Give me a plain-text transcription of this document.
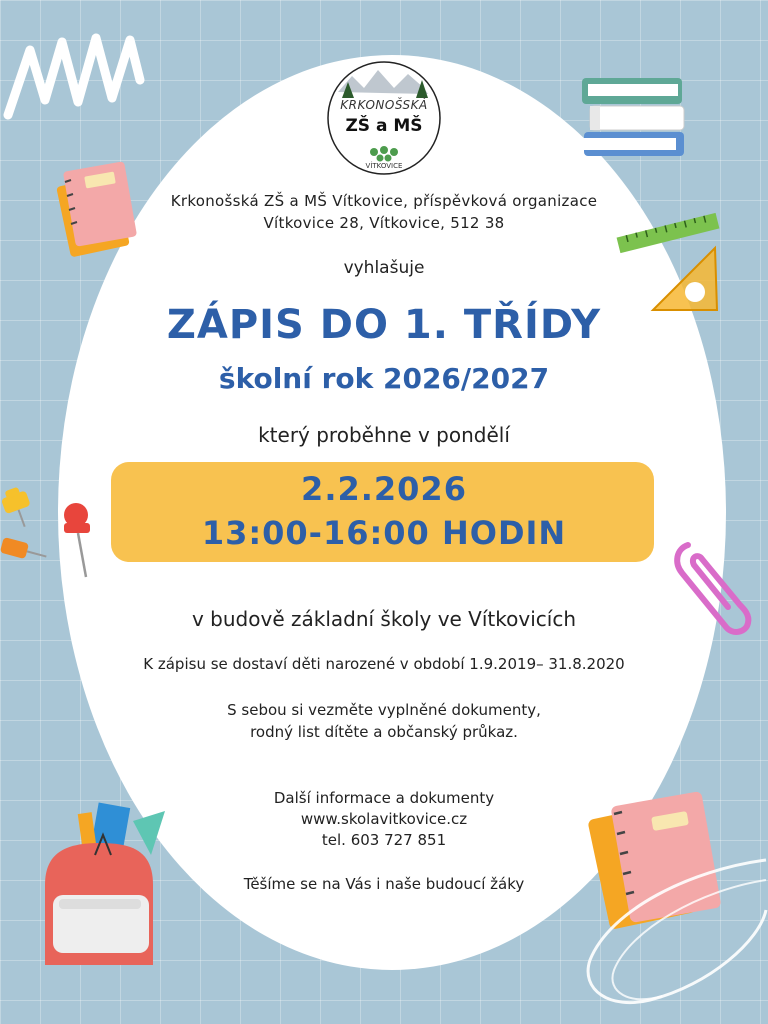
KRKONOŠSKÁ
ZŠ a MŠ
VÍTKOVICE
Krkonošská ZŠ a MŠ Vítkovice, příspěvková organizace
Vítkovice 28, Vítkovice, 512 38
vyhlašuje
ZÁPIS DO 1. TŘÍDY
školní rok 2026/2027
který proběhne v pondělí
2.2.2026
13:00-16:00 HODIN
v budově základní školy ve Vítkovicích
K zápisu se dostaví děti narozené v období 1.9.2019– 31.8.2020
S sebou si vezměte vyplněné dokumenty,
rodný list dítěte a občanský průkaz.
Další informace a dokumenty
www.skolavitkovice.cz
tel. 603 727 851
Těšíme se na Vás i naše budoucí žáky
